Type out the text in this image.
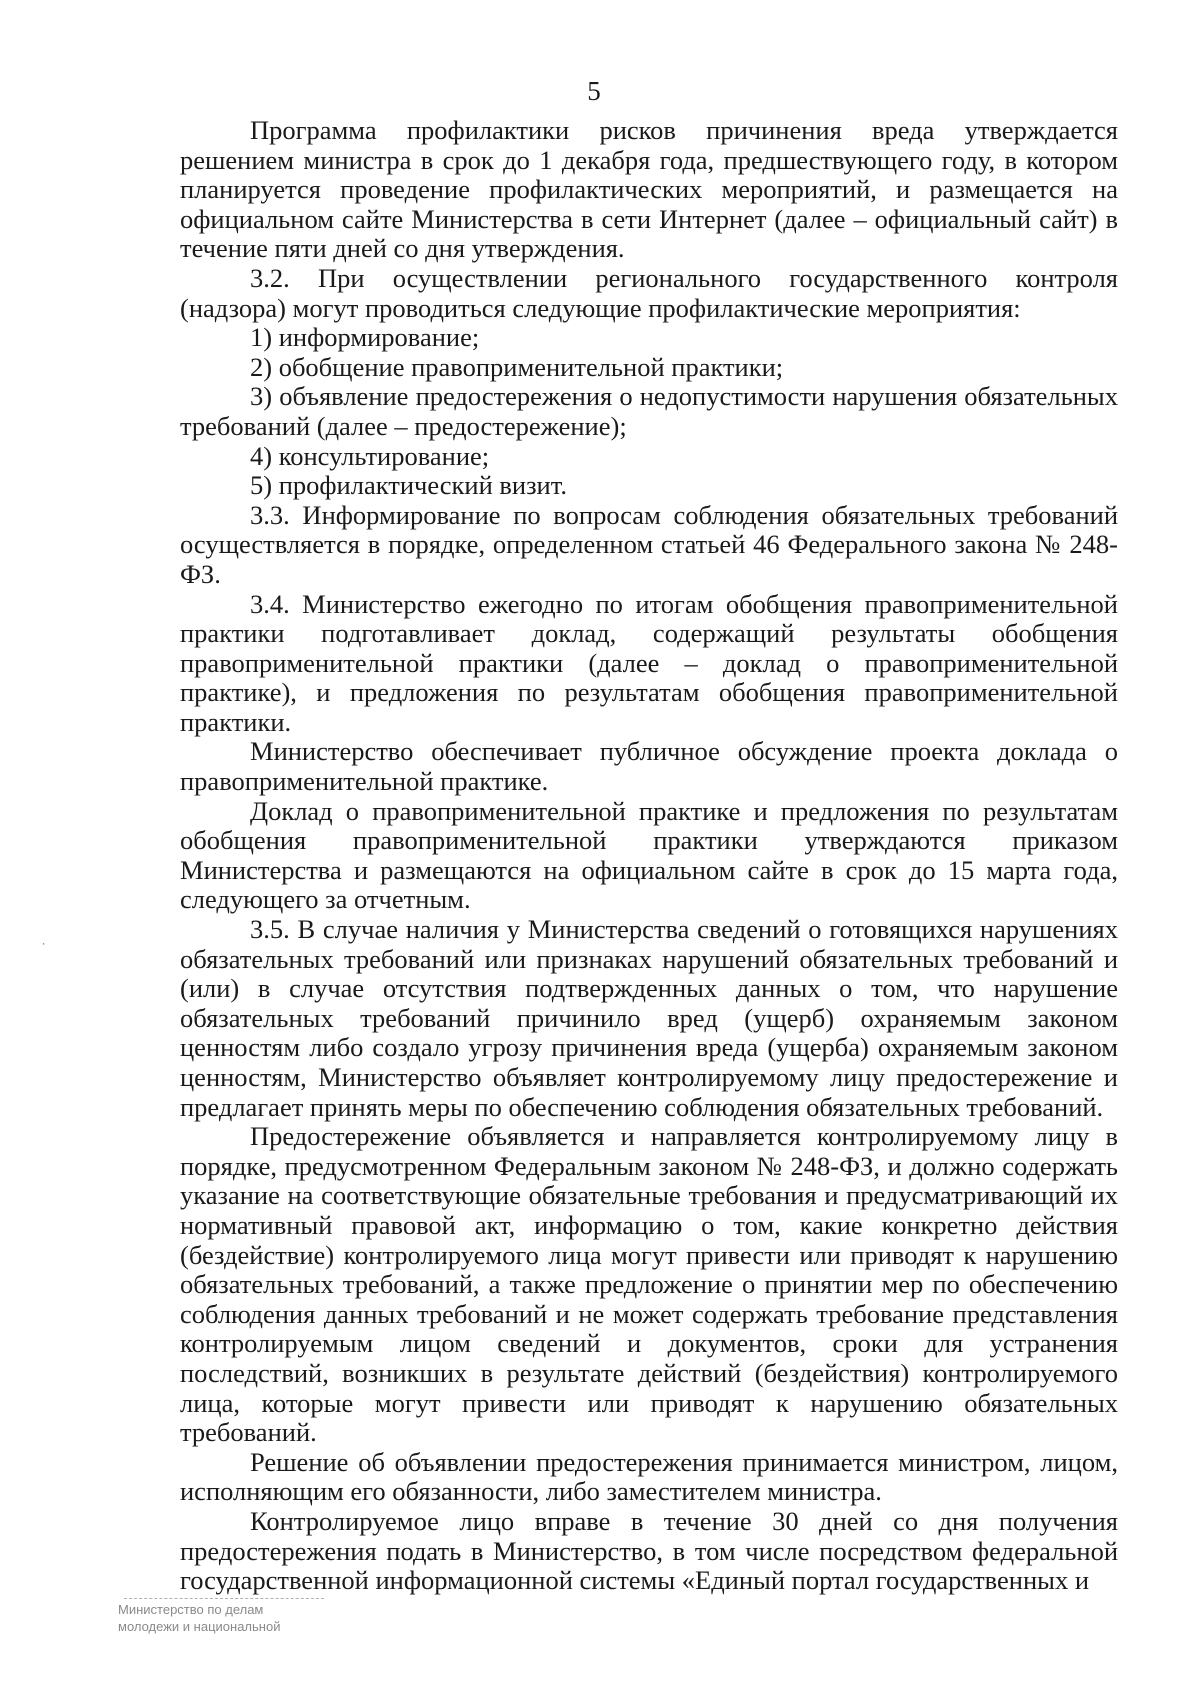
5

Программа профилактики рисков причинения вреда утверждается решением министра в срок до 1 декабря года, предшествующего году, в котором планируется проведение профилактических мероприятий, и размещается на официальном сайте Министерства в сети Интернет (далее – официальный сайт) в течение пяти дней со дня утверждения.

3.2. При осуществлении регионального государственного контроля (надзора) могут проводиться следующие профилактические мероприятия:

1) информирование;

2) обобщение правоприменительной практики;

3) объявление предостережения о недопустимости нарушения обязательных требований (далее – предостережение);

4) консультирование;

5) профилактический визит.

3.3. Информирование по вопросам соблюдения обязательных требований осуществляется в порядке, определенном статьей 46 Федерального закона № 248-ФЗ.

3.4. Министерство ежегодно по итогам обобщения правоприменительной практики подготавливает доклад, содержащий результаты обобщения правоприменительной практики (далее – доклад о правоприменительной практике), и предложения по результатам обобщения правоприменительной практики.

Министерство обеспечивает публичное обсуждение проекта доклада о правоприменительной практике.

Доклад о правоприменительной практике и предложения по результатам обобщения правоприменительной практики утверждаются приказом Министерства и размещаются на официальном сайте в срок до 15 марта года, следующего за отчетным.

3.5. В случае наличия у Министерства сведений о готовящихся нарушениях обязательных требований или признаках нарушений обязательных требований и (или) в случае отсутствия подтвержденных данных о том, что нарушение обязательных требований причинило вред (ущерб) охраняемым законом ценностям либо создало угрозу причинения вреда (ущерба) охраняемым законом ценностям, Министерство объявляет контролируемому лицу предостережение и предлагает принять меры по обеспечению соблюдения обязательных требований.

Предостережение объявляется и направляется контролируемому лицу в порядке, предусмотренном Федеральным законом № 248-ФЗ, и должно содержать указание на соответствующие обязательные требования и предусматривающий их нормативный правовой акт, информацию о том, какие конкретно действия (бездействие) контролируемого лица могут привести или приводят к нарушению обязательных требований, а также предложение о принятии мер по обеспечению соблюдения данных требований и не может содержать требование представления контролируемым лицом сведений и документов, сроки для устранения последствий, возникших в результате действий (бездействия) контролируемого лица, которые могут привести или приводят к нарушению обязательных требований.

Решение об объявлении предостережения принимается министром, лицом, исполняющим его обязанности, либо заместителем министра.

Контролируемое лицо вправе в течение 30 дней со дня получения предостережения подать в Министерство, в том числе посредством федеральной государственной информационной системы «Единый портал государственных и

⸳
Министерство по делам
молодежи и национальной
